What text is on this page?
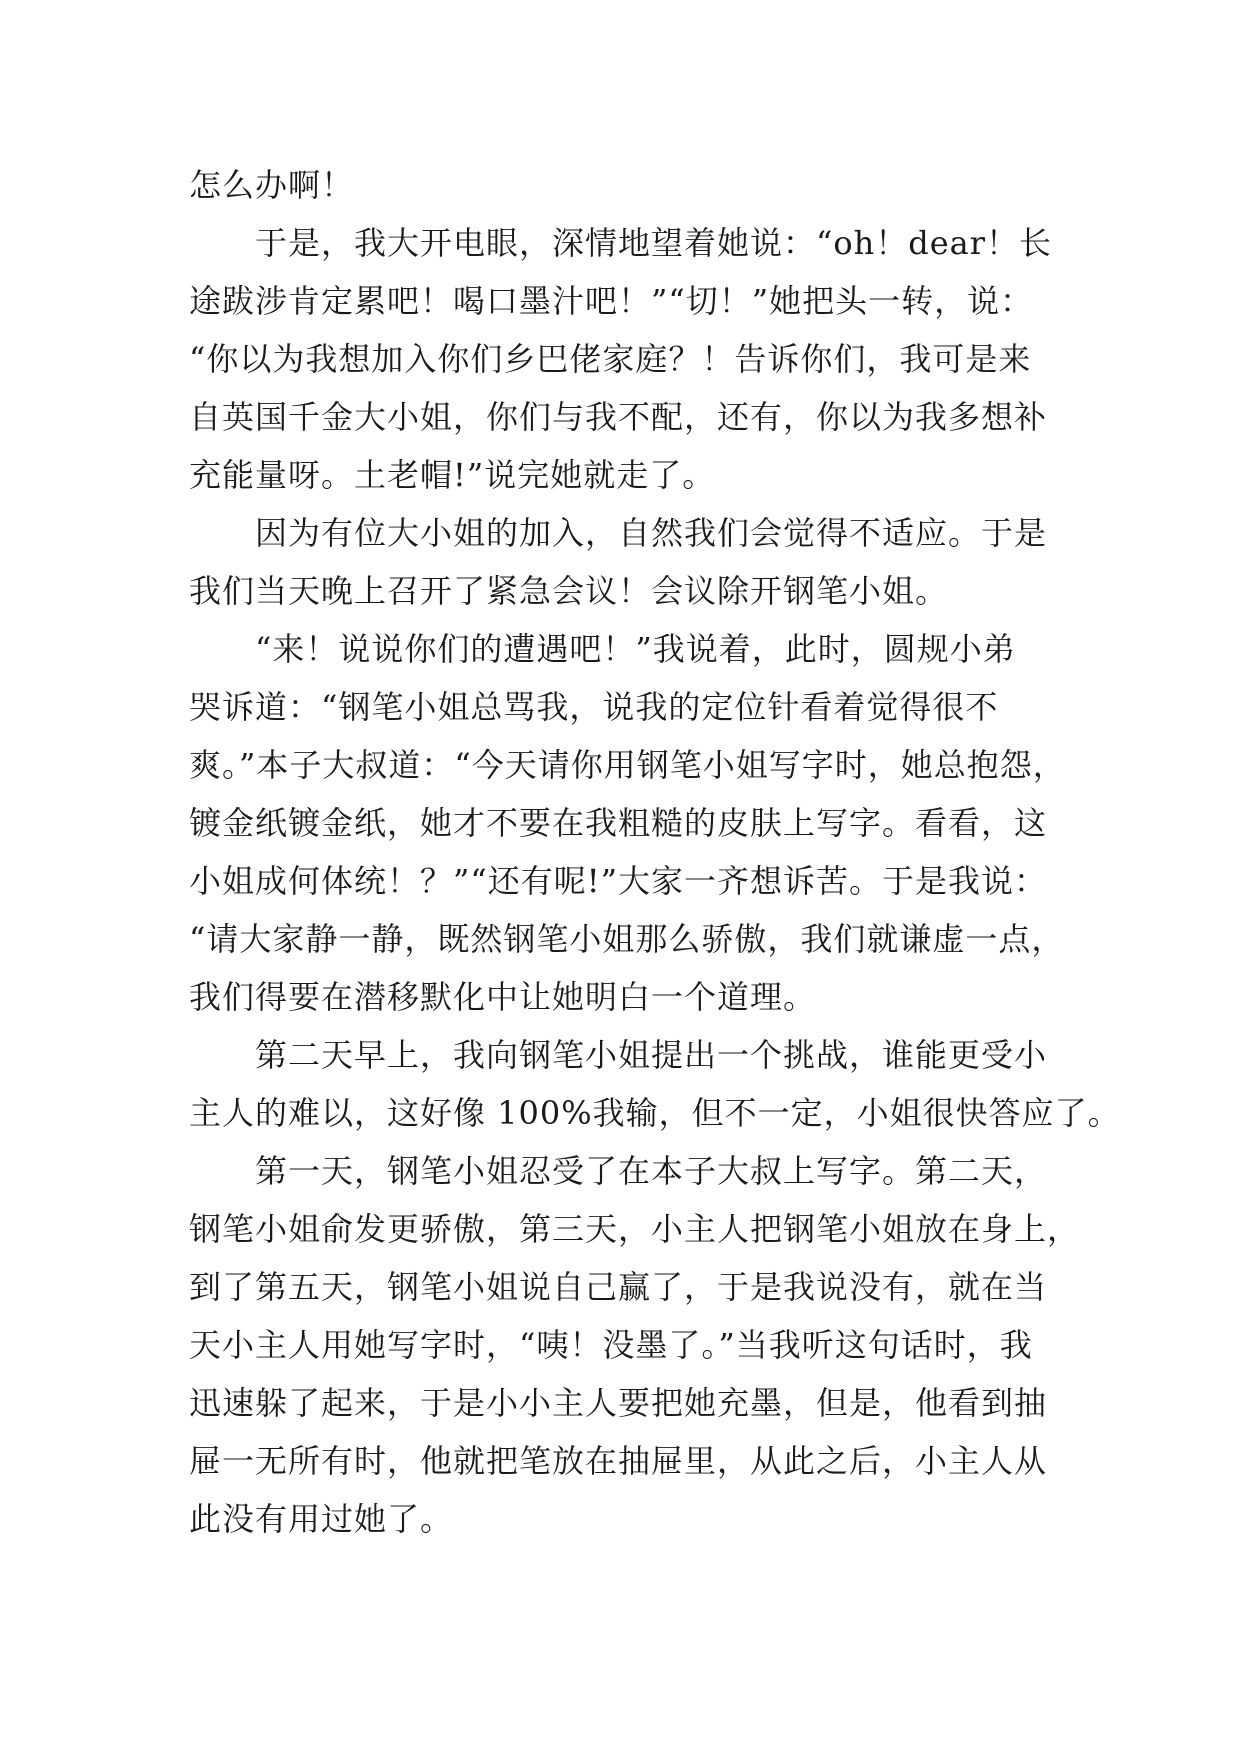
怎么办啊！
于是，我大开电眼，深情地望着她说：“oh！dear！长
途跋涉肯定累吧！喝口墨汁吧！”“切！”她把头一转，说：
“你以为我想加入你们乡巴佬家庭？！告诉你们，我可是来
自英国千金大小姐，你们与我不配，还有，你以为我多想补
充能量呀。土老帽!”说完她就走了。
因为有位大小姐的加入，自然我们会觉得不适应。于是
我们当天晚上召开了紧急会议！会议除开钢笔小姐。
“来！说说你们的遭遇吧！”我说着，此时，圆规小弟
哭诉道：“钢笔小姐总骂我，说我的定位针看着觉得很不
爽。”本子大叔道：“今天请你用钢笔小姐写字时，她总抱怨，
镀金纸镀金纸，她才不要在我粗糙的皮肤上写字。看看，这
小姐成何体统！？”“还有呢!”大家一齐想诉苦。于是我说：
“请大家静一静，既然钢笔小姐那么骄傲，我们就谦虚一点，
我们得要在潜移默化中让她明白一个道理。
第二天早上，我向钢笔小姐提出一个挑战，谁能更受小
主人的难以，这好像 100%我输，但不一定，小姐很快答应了。
第一天，钢笔小姐忍受了在本子大叔上写字。第二天，
钢笔小姐俞发更骄傲，第三天，小主人把钢笔小姐放在身上，
到了第五天，钢笔小姐说自己赢了，于是我说没有，就在当
天小主人用她写字时，“咦！没墨了。”当我听这句话时，我
迅速躲了起来，于是小小主人要把她充墨，但是，他看到抽
屉一无所有时，他就把笔放在抽屉里，从此之后，小主人从
此没有用过她了。
